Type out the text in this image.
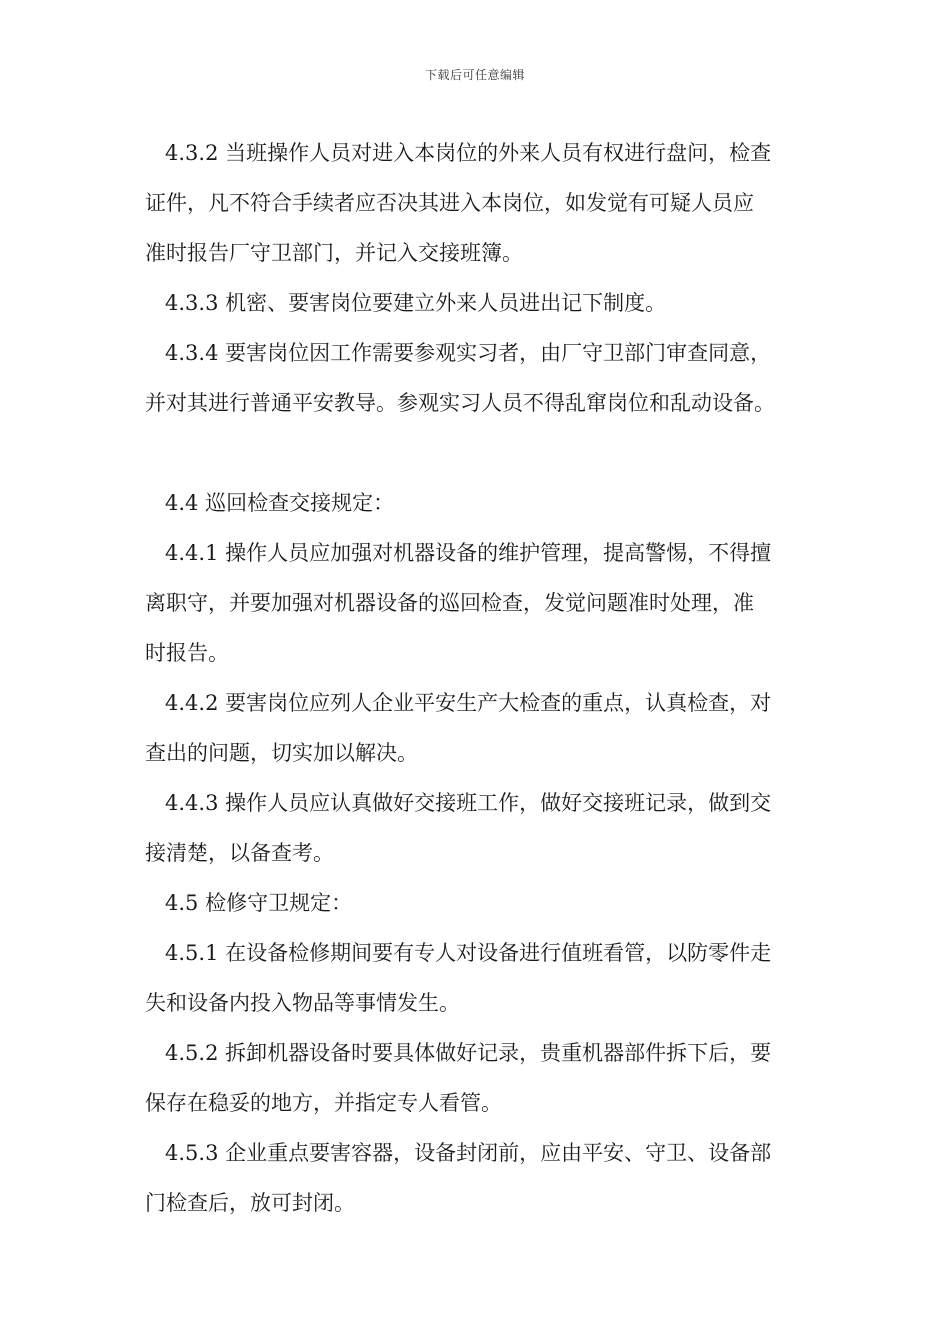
下载后可任意编辑
4.3.2 当班操作人员对进入本岗位的外来人员有权进行盘问，检查
证件，凡不符合手续者应否决其进入本岗位，如发觉有可疑人员应
准时报告厂守卫部门，并记入交接班簿。
4.3.3 机密、要害岗位要建立外来人员进出记下制度。
4.3.4 要害岗位因工作需要参观实习者，由厂守卫部门审查同意，
并对其进行普通平安教导。参观实习人员不得乱窜岗位和乱动设备。
4.4 巡回检查交接规定：
4.4.1 操作人员应加强对机器设备的维护管理，提高警惕，不得擅
离职守，并要加强对机器设备的巡回检查，发觉问题准时处理，准
时报告。
4.4.2 要害岗位应列人企业平安生产大检查的重点，认真检查，对
查出的问题，切实加以解决。
4.4.3 操作人员应认真做好交接班工作，做好交接班记录，做到交
接清楚，以备查考。
4.5 检修守卫规定：
4.5.1 在设备检修期间要有专人对设备进行值班看管，以防零件走
失和设备内投入物品等事情发生。
4.5.2 拆卸机器设备时要具体做好记录，贵重机器部件拆下后，要
保存在稳妥的地方，并指定专人看管。
4.5.3 企业重点要害容器，设备封闭前，应由平安、守卫、设备部
门检查后，放可封闭。
